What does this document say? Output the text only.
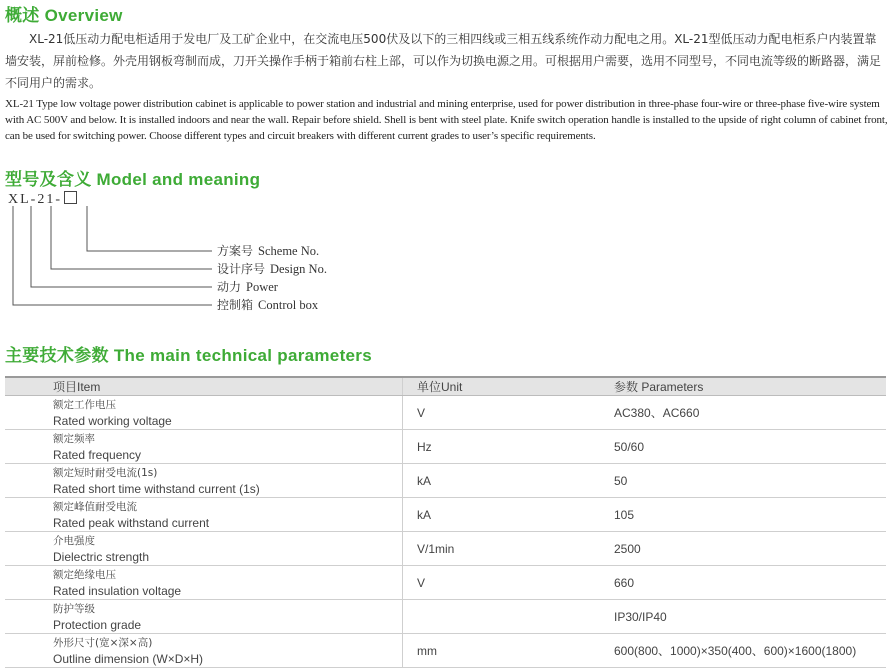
概述 Overview

XL-21低压动力配电柜适用于发电厂及工矿企业中，在交流电压500伏及以下的三相四线或三相五线系统作动力配电之用。XL-21型低压动力配电柜系户内装置靠墙安装，屏前检修。外壳用钢板弯制而成，刀开关操作手柄于箱前右柱上部，可以作为切换电源之用。可根据用户需要，选用不同型号，不同电流等级的断路器，满足不同用户的需求。

XL-21 Type low voltage power distribution cabinet is applicable to power station and industrial and mining enterprise, used for power distribution in three-phase four-wire or three-phase five-wire system with AC 500V and below. It is installed indoors and near the wall. Repair before shield. Shell is bent with steel plate. Knife switch operation handle is installed to the upside of right column of cabinet front, can be used for switching power. Choose different types and circuit breakers with different current grades to user’s specific requirements.

型号及含义 Model and meaning
XL-21-
方案号 Scheme No.
设计序号 Design No.
动力 Power
控制箱 Control box
主要技术参数 The main technical parameters
项目Item	单位Unit	参数 Parameters

额定工作电压
Rated working voltage	V	AC380、AC660

额定频率
Rated frequency	Hz	50/60

额定短时耐受电流(1s)
Rated short time withstand current (1s)	kA	50

额定峰值耐受电流
Rated peak withstand current	kA	105

介电强度
Dielectric strength	V/1min	2500

额定绝缘电压
Rated insulation voltage	V	660

防护等级
Protection grade		IP30/IP40

外形尺寸(宽×深×高)
Outline dimension (W×D×H)	mm	600(800、1000)×350(400、600)×1600(1800)
